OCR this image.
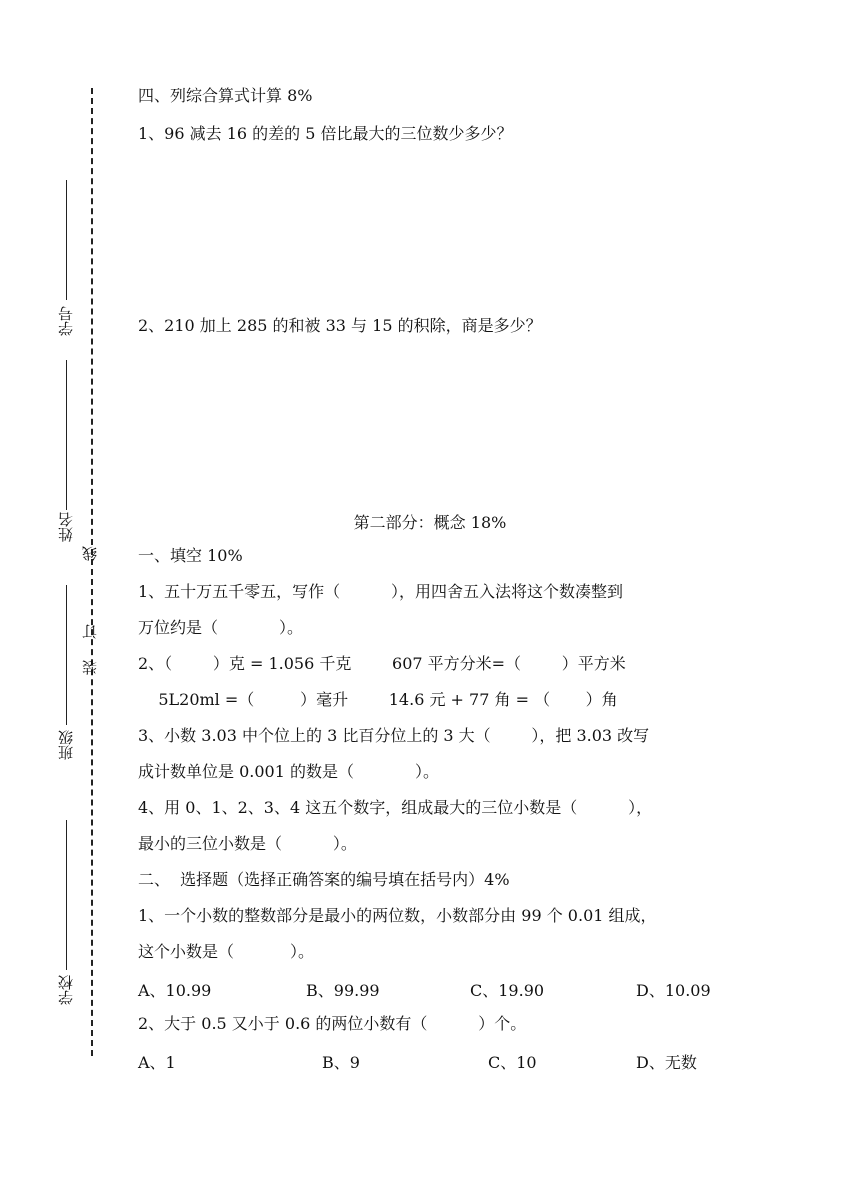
学号
姓名
班级
学校
线
订
装
四、列综合算式计算 8%
1、96 减去 16 的差的 5 倍比最大的三位数少多少？
2、210 加上 285 的和被 33 与 15 的积除，商是多少？
第二部分：概念 18%
一、填空 10%
1、五十万五千零五，写作（          ），用四舍五入法将这个数凑整到
万位约是（            ）。
2、（        ）克 = 1.056 千克        607 平方分米=（        ）平方米
5L20ml =（         ）毫升        14.6 元 + 77 角 = （       ）角
3、小数 3.03 中个位上的 3 比百分位上的 3 大（        ），把 3.03 改写
成计数单位是 0.001 的数是（            ）。
4、用 0、1、2、3、4 这五个数字，组成最大的三位小数是（          ），
最小的三位小数是（          ）。
二、  选择题（选择正确答案的编号填在括号内）4%
1、一个小数的整数部分是最小的两位数，小数部分由 99 个 0.01 组成，
这个小数是（           ）。
A、10.99	B、99.99	C、19.90	D、10.09
2、大于 0.5 又小于 0.6 的两位小数有（          ）个。
A、1	B、9	C、10	D、无数
